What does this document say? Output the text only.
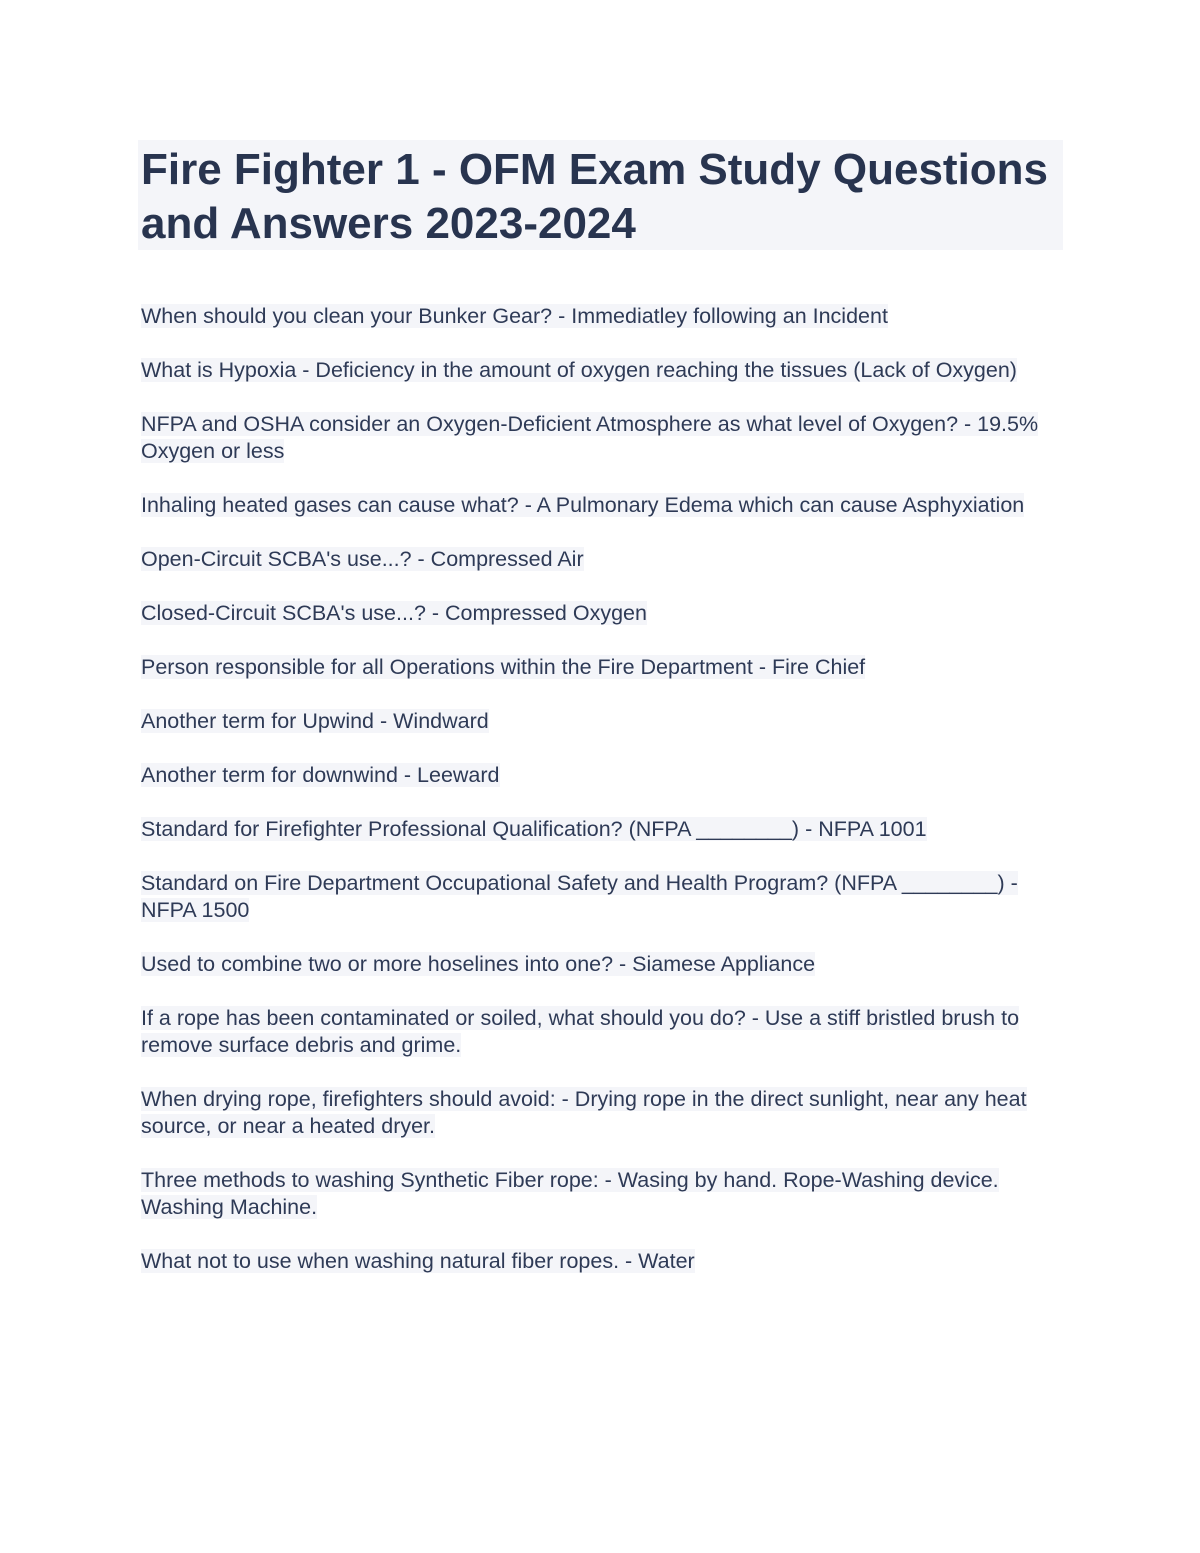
Fire Fighter 1 - OFM Exam Study Questions and Answers 2023-2024
When should you clean your Bunker Gear? - Immediatley following an Incident
What is Hypoxia - Deficiency in the amount of oxygen reaching the tissues (Lack of Oxygen)
NFPA and OSHA consider an Oxygen-Deficient Atmosphere as what level of Oxygen? - 19.5% Oxygen or less
Inhaling heated gases can cause what? - A Pulmonary Edema which can cause Asphyxiation
Open-Circuit SCBA's use...? - Compressed Air
Closed-Circuit SCBA's use...? - Compressed Oxygen
Person responsible for all Operations within the Fire Department - Fire Chief
Another term for Upwind - Windward
Another term for downwind - Leeward
Standard for Firefighter Professional Qualification? (NFPA ________) - NFPA 1001
Standard on Fire Department Occupational Safety and Health Program? (NFPA ________) - NFPA 1500
Used to combine two or more hoselines into one? - Siamese Appliance
If a rope has been contaminated or soiled, what should you do? - Use a stiff bristled brush to remove surface debris and grime.
When drying rope, firefighters should avoid: - Drying rope in the direct sunlight, near any heat source, or near a heated dryer.
Three methods to washing Synthetic Fiber rope: - Wasing by hand. Rope-Washing device. Washing Machine.
What not to use when washing natural fiber ropes. - Water
